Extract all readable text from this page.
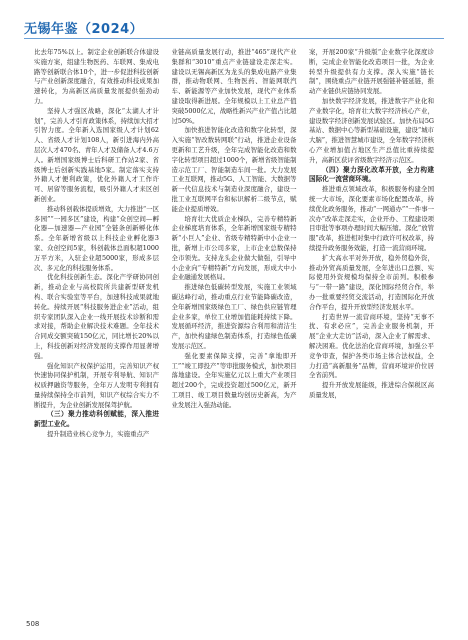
无锡年鉴（2024）

比去年75%以上。制定企业创新联合体建设实施方案，组建生物医药、车联网、集成电路等创新联合体10个，进一步促进科技创新与产业创新深度融合，有效推动科技成果加速转化，为高新区高质量发展提供强劲动力。

坚持人才强区战略，深化“太湖人才计划”，完善人才引育政策体系，持续加大招才引智力度。全年新入选国家级人才计划62人、省级人才计划108人，新引进海内外高层次人才470名、青年人才及储备人才4.6万人。新增国家级博士后科研工作站2家、省级博士后创新实践基地5家。制定落实支持外籍人才便利政策，优化外籍人才工作许可、居留等服务流程，吸引外籍人才来区创新创业。

推动科创载体提质增效，大力推进“一区多园”“一园多区”建设，构建“众创空间—孵化器—加速器—产业园”全链条创新孵化体系。全年新增省级以上科技企业孵化器3家、众创空间5家，科创载体总面积超1000万平方米，入驻企业超5000家，形成多层次、多元化的科技服务体系。

优化科技创新生态。深化产学研协同创新，推动企业与高校院所共建新型研发机构、联合实验室等平台，加速科技成果就地转化。持续开展“科技服务进企业”活动，组织专家团队深入企业一线开展技术诊断和需求对接，帮助企业解决技术难题。全年技术合同成交额突破150亿元，同比增长20%以上，科技创新对经济发展的支撑作用显著增强。

强化知识产权保护运用，完善知识产权快速协同保护机制，开展专利导航、知识产权质押融资等服务，全年万人发明专利拥有量持续保持全市前列，知识产权综合实力不断提升，为企业创新发展保驾护航。

（三）聚力推动科创赋能，深入推进新型工业化。

提升制造业核心竞争力，实施重点产

业链高质量发展行动，推进“465”现代产业集群和“3010”重点产业链建设走深走实。建设以无锡高新区为龙头的集成电路产业集群，推动物联网、生物医药、智能网联汽车、新能源等产业加快发展，现代产业体系建设取得新进展。全年规模以上工业总产值突破5000亿元，战略性新兴产业产值占比超过50%。

加快推进智能化改造和数字化转型，深入实施“智改数转网联”行动，推进企业设备更新和工艺升级，全年完成智能化改造和数字化转型项目超过1000个，新增省级智能制造示范工厂、智能制造车间一批。大力发展工业互联网，推动5G、人工智能、大数据等新一代信息技术与制造业深度融合，建设一批工业互联网平台和标识解析二级节点，赋能企业提质增效。

培育壮大优质企业梯队，完善专精特新企业梯度培育体系，全年新增国家级专精特新“小巨人”企业、省级专精特新中小企业一批，新增上市公司多家，上市企业总数保持全市领先。支持龙头企业做大做强，引导中小企业向“专精特新”方向发展，形成大中小企业融通发展格局。

推进绿色低碳转型发展，实施工业领域碳达峰行动，推动重点行业节能降碳改造，全年新增国家级绿色工厂、绿色供应链管理企业多家，单位工业增加值能耗持续下降。发展循环经济，推进资源综合利用和清洁生产，加快构建绿色制造体系，打造绿色低碳发展示范区。

强化要素保障支撑，完善“拿地即开工”“竣工即投产”等审批服务模式，加快项目落地建设。全年实施亿元以上重大产业项目超过200个，完成投资超过500亿元，新开工项目、竣工项目数量均创历史新高，为产业发展注入强劲动能。

案，开展200家“升级版”企业数字化深度诊断，完成企业智能化改造项目一批，为企业转型升级提供有力支撑。深入实施“链长制”，围绕重点产业链开展强链补链延链，推动产业链供应链协同发展。

加快数字经济发展，推进数字产业化和产业数字化，培育壮大数字经济核心产业，建设数字经济创新发展试验区。加快布局5G基站、数据中心等新型基础设施，建设“城市大脑”，推进智慧城市建设，全年数字经济核心产业增加值占地区生产总值比重持续提升，高新区获评省级数字经济示范区。

（四）聚力深化改革开放，全力构建国际化一流营商环境。

推进重点领域改革，积极服务构建全国统一大市场，深化要素市场化配置改革，持续优化政务服务，推动“一网通办”“一件事一次办”改革走深走实，企业开办、工程建设项目审批等事项办理时间大幅压缩。深化“放管服”改革，推进相对集中行政许可权改革，持续提升政务服务效能，打造一流营商环境。

扩大高水平对外开放，稳外贸稳外资，推动外贸高质量发展，全年进出口总额、实际使用外资规模均保持全市前列。积极参与“一带一路”建设，深化国际经贸合作，举办一批重要经贸交流活动，打造国际化开放合作平台，提升开放型经济发展水平。

打造世界一流营商环境，坚持“无事不扰、有求必应”，完善企业服务机制，开展“企业大走访”活动，深入企业了解需求、解决困难。优化法治化营商环境，加强公平竞争审查，保护各类市场主体合法权益，全力打造“高新服务”品牌，营商环境评价位居全省前列。

提升开放发展能级，推进综合保税区高质量发展，

508
